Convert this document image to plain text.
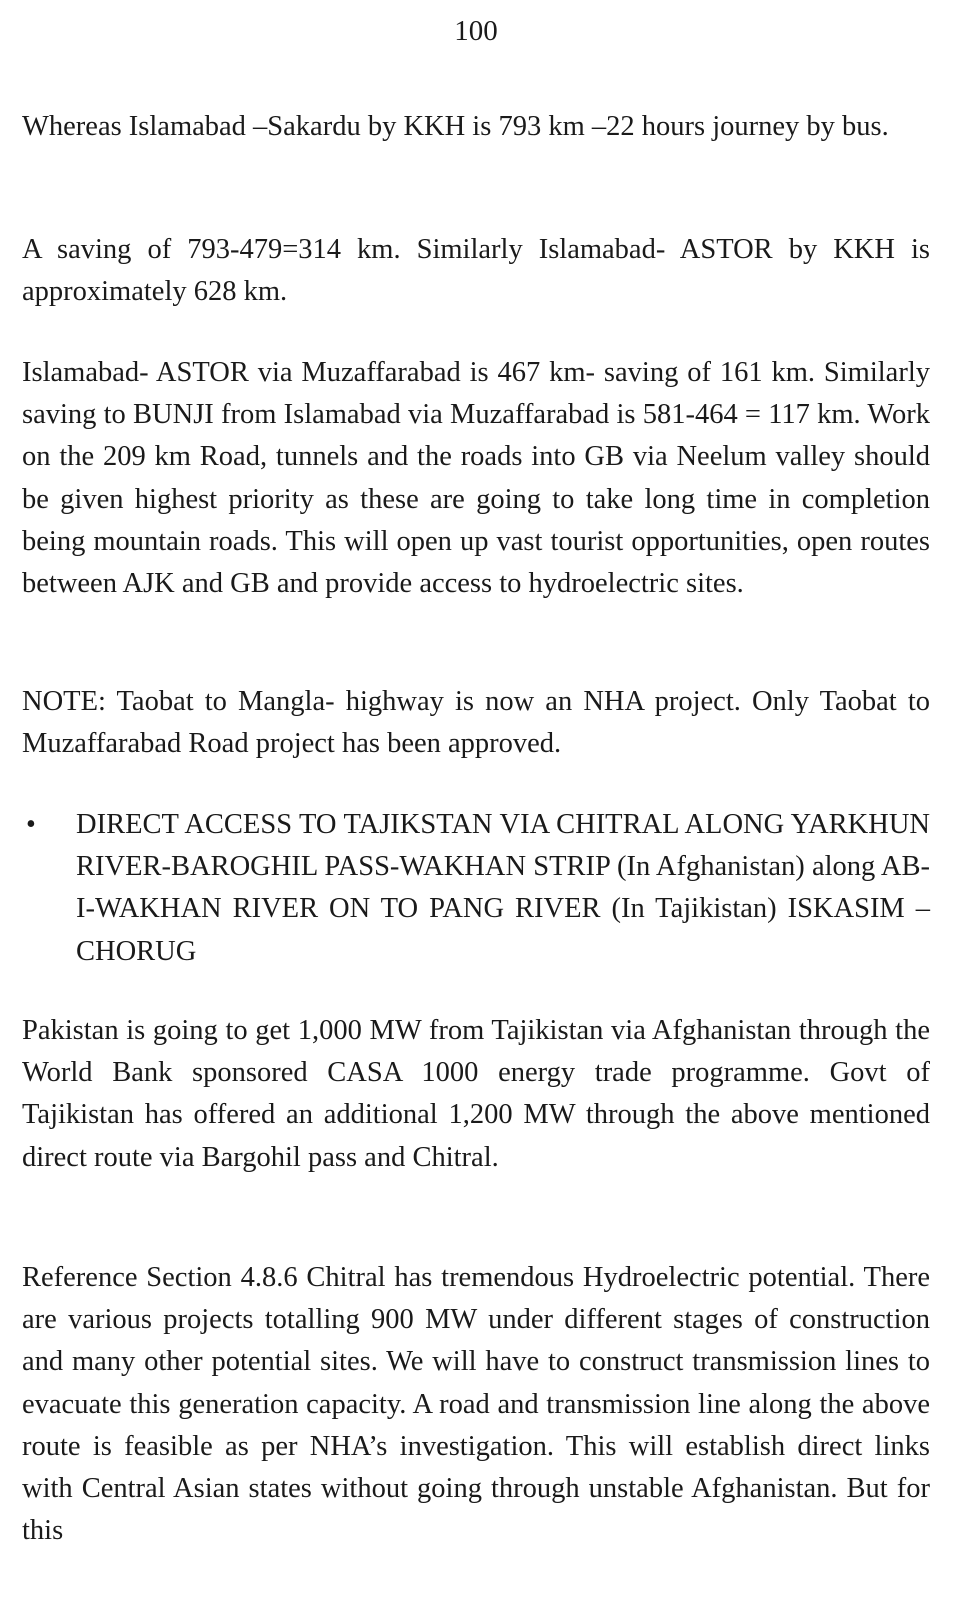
100

Whereas Islamabad –Sakardu by KKH is 793 km –22 hours journey by bus.

A saving of 793-479=314 km. Similarly Islamabad- ASTOR by KKH is approximately 628 km.

Islamabad- ASTOR via Muzaffarabad is 467 km- saving of 161 km. Similarly saving to BUNJI from Islamabad via Muzaffarabad is 581-464 = 117 km. Work on the 209 km Road, tunnels and the roads into GB via Neelum valley should be given highest priority as these are going to take long time in completion being mountain roads. This will open up vast tourist opportunities, open routes between AJK and GB and provide access to hydroelectric sites.

NOTE: Taobat to Mangla- highway is now an NHA project. Only Taobat to Muzaffarabad Road project has been approved.

• DIRECT ACCESS TO TAJIKSTAN VIA CHITRAL ALONG YARKHUN RIVER-BAROGHIL PASS-WAKHAN STRIP (In Afghanistan) along AB-I-WAKHAN RIVER ON TO PANG RIVER (In Tajikistan) ISKASIM – CHORUG

Pakistan is going to get 1,000 MW from Tajikistan via Afghanistan through the World Bank sponsored CASA 1000 energy trade programme. Govt of Tajikistan has offered an additional 1,200 MW through the above mentioned direct route via Bargohil pass and Chitral.

Reference Section 4.8.6 Chitral has tremendous Hydroelectric potential. There are various projects totalling 900 MW under different stages of construction and many other potential sites. We will have to construct transmission lines to evacuate this generation capacity. A road and transmission line along the above route is feasible as per NHA’s investigation. This will establish direct links with Central Asian states without going through unstable Afghanistan. But for this
